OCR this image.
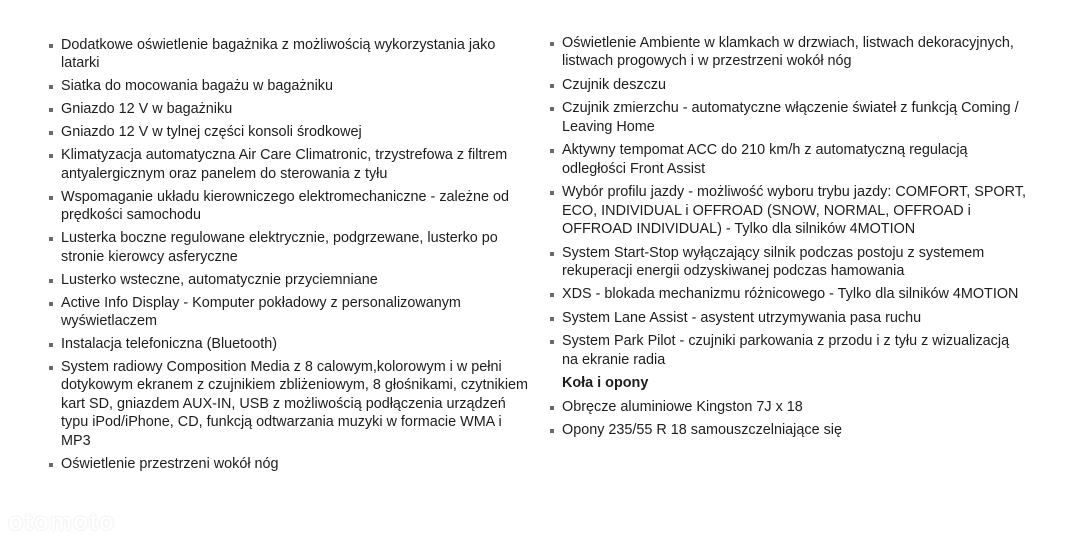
Dodatkowe oświetlenie bagażnika z możliwością wykorzystania jako latarki
Siatka do mocowania bagażu w bagażniku
Gniazdo 12 V w bagażniku
Gniazdo 12 V w tylnej części konsoli środkowej
Klimatyzacja automatyczna Air Care Climatronic, trzystrefowa z filtrem antyalergicznym oraz panelem do sterowania z tyłu
Wspomaganie układu kierowniczego elektromechaniczne - zależne od prędkości samochodu
Lusterka boczne regulowane elektrycznie, podgrzewane, lusterko po stronie kierowcy asferyczne
Lusterko wsteczne, automatycznie przyciemniane
Active Info Display - Komputer pokładowy z personalizowanym wyświetlaczem
Instalacja telefoniczna (Bluetooth)
System radiowy Composition Media z 8 calowym,kolorowym i w pełni dotykowym ekranem z czujnikiem zbliżeniowym, 8 głośnikami, czytnikiem kart SD, gniazdem AUX-IN, USB z możliwością podłączenia urządzeń typu iPod/iPhone, CD, funkcją odtwarzania muzyki w formacie WMA i MP3
Oświetlenie przestrzeni wokół nóg
Oświetlenie Ambiente w klamkach w drzwiach, listwach dekoracyjnych, listwach progowych i w przestrzeni wokół nóg
Czujnik deszczu
Czujnik zmierzchu - automatyczne włączenie świateł z funkcją Coming / Leaving Home
Aktywny tempomat ACC do 210 km/h z automatyczną regulacją odległości Front Assist
Wybór profilu jazdy - możliwość wyboru trybu jazdy: COMFORT, SPORT, ECO, INDIVIDUAL i OFFROAD (SNOW, NORMAL, OFFROAD i OFFROAD INDIVIDUAL) - Tylko dla silników 4MOTION
System Start-Stop wyłączający silnik podczas postoju z systemem rekuperacji energii odzyskiwanej podczas hamowania
XDS - blokada mechanizmu różnicowego - Tylko dla silników 4MOTION
System Lane Assist - asystent utrzymywania pasa ruchu
System Park Pilot - czujniki parkowania z przodu i z tyłu z wizualizacją na ekranie radia
Koła i opony
Obręcze aluminiowe Kingston 7J x 18
Opony 235/55 R 18 samouszczelniające się
otomoto
